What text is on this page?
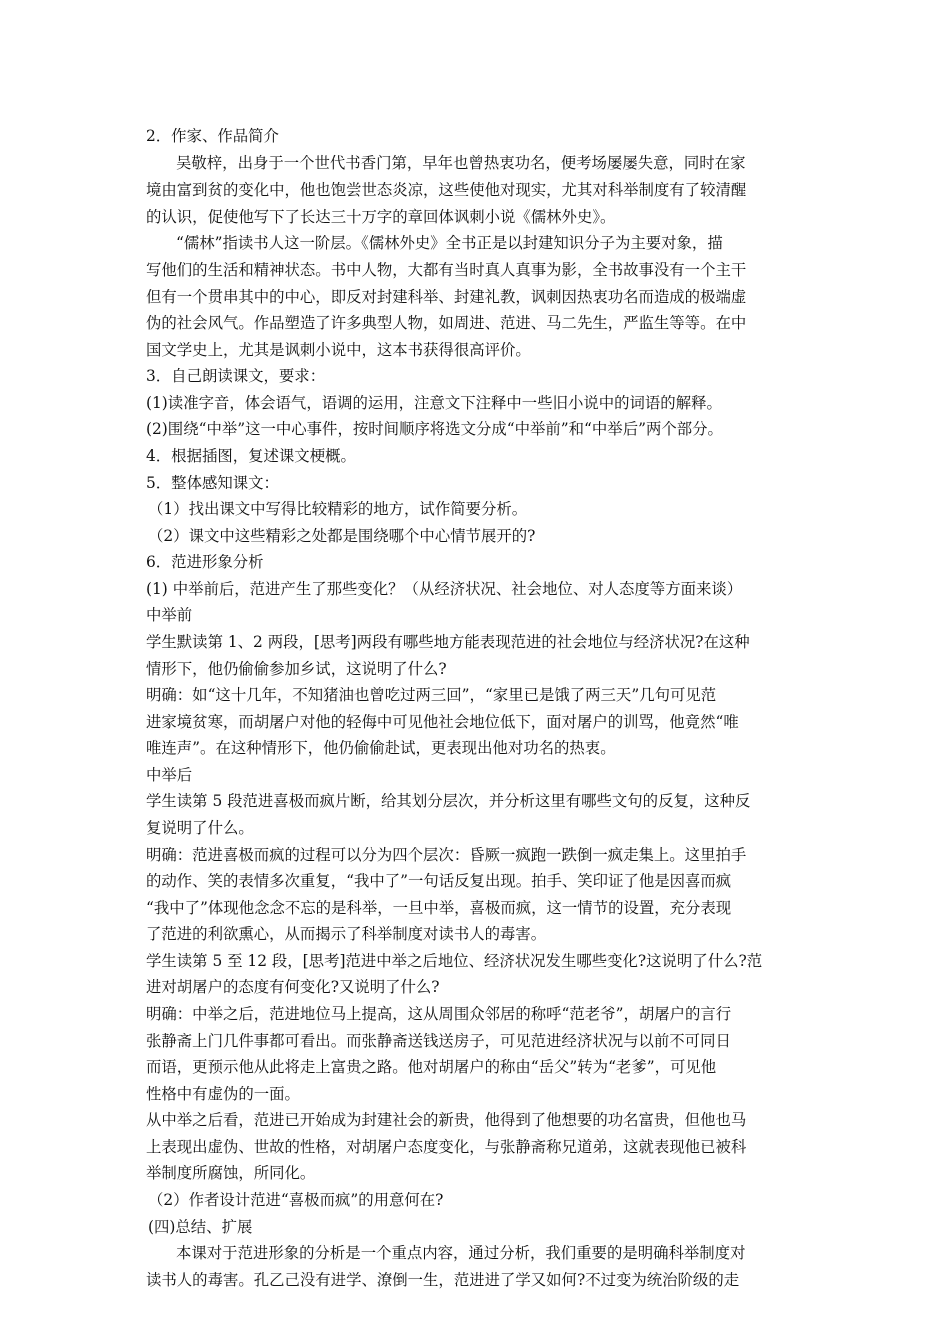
2．作家、作品简介
吴敬梓，出身于一个世代书香门第，早年也曾热衷功名，便考场屡屡失意，同时在家
境由富到贫的变化中，他也饱尝世态炎凉，这些使他对现实，尤其对科举制度有了较清醒
的认识，促使他写下了长达三十万字的章回体讽刺小说《儒林外史》。
“儒林”指读书人这一阶层。《儒林外史》全书正是以封建知识分子为主要对象，描
写他们的生活和精神状态。书中人物，大都有当时真人真事为影，全书故事没有一个主干
但有一个贯串其中的中心，即反对封建科举、封建礼教，讽刺因热衷功名而造成的极端虚
伪的社会风气。作品塑造了许多典型人物，如周进、范进、马二先生，严监生等等。在中
国文学史上，尤其是讽刺小说中，这本书获得很高评价。
3．自己朗读课文，要求：
(1)读准字音，体会语气，语调的运用，注意文下注释中一些旧小说中的词语的解释。
(2)围绕“中举”这一中心事件，按时间顺序将选文分成“中举前”和“中举后”两个部分。
4．根据插图，复述课文梗概。
5．整体感知课文：
（1）找出课文中写得比较精彩的地方，试作简要分析。
（2）课文中这些精彩之处都是围绕哪个中心情节展开的?
6．范进形象分析
(1) 中举前后，范进产生了那些变化？（从经济状况、社会地位、对人态度等方面来谈）
中举前
学生默读第 1、2 两段，[思考]两段有哪些地方能表现范进的社会地位与经济状况?在这种
情形下，他仍偷偷参加乡试，这说明了什么?
明确：如“这十几年，不知猪油也曾吃过两三回”，“家里已是饿了两三天”几句可见范
进家境贫寒，而胡屠户对他的轻侮中可见他社会地位低下，面对屠户的训骂，他竟然“唯
唯连声”。在这种情形下，他仍偷偷赴试，更表现出他对功名的热衷。
中举后
学生读第 5 段范进喜极而疯片断，给其划分层次，并分析这里有哪些文句的反复，这种反
复说明了什么。
明确：范进喜极而疯的过程可以分为四个层次：昏厥一疯跑一跌倒一疯走集上。这里拍手
的动作、笑的表情多次重复，“我中了”一句话反复出现。拍手、笑印证了他是因喜而疯
“我中了”体现他念念不忘的是科举，一旦中举，喜极而疯，这一情节的设置，充分表现
了范进的利欲熏心，从而揭示了科举制度对读书人的毒害。
学生读第 5 至 12 段，[思考]范进中举之后地位、经济状况发生哪些变化?这说明了什么?范
进对胡屠户的态度有何变化?又说明了什么?
明确：中举之后，范进地位马上提高，这从周围众邻居的称呼“范老爷”，胡屠户的言行
张静斋上门几件事都可看出。而张静斋送钱送房子，可见范进经济状况与以前不可同日
而语，更预示他从此将走上富贵之路。他对胡屠户的称由“岳父”转为“老爹”，可见他
性格中有虚伪的一面。
从中举之后看，范进已开始成为封建社会的新贵，他得到了他想要的功名富贵，但他也马
上表现出虚伪、世故的性格，对胡屠户态度变化，与张静斋称兄道弟，这就表现他已被科
举制度所腐蚀，所同化。
（2）作者设计范进“喜极而疯”的用意何在?
(四)总结、扩展
本课对于范进形象的分析是一个重点内容，通过分析，我们重要的是明确科举制度对
读书人的毒害。孔乙己没有进学、潦倒一生，范进进了学又如何?不过变为统治阶级的走
